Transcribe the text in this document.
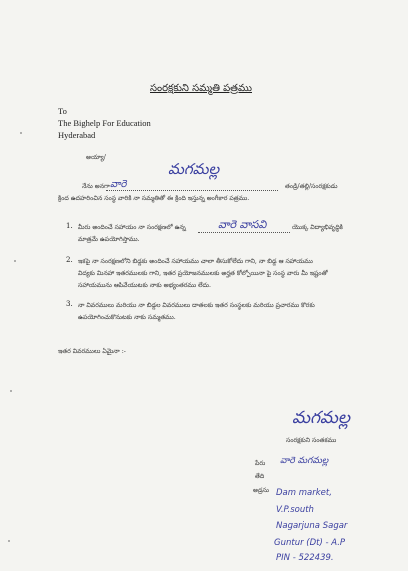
సంరక్షకుని సమ్మతి పత్రము
To
The Bighelp For Education
Hyderabad
అయ్యా/
మగమల్ల
నేను అనగా వారె	తండ్రి/తల్లి/సంరక్షకుడు
క్రింద ఉదహరించిన సంస్థ వారికి నా సమ్మతితో ఈ క్రింది ఇస్తున్న అంగీకార పత్రము.
1. మీరు అందించే సహాయం నా సంరక్షణలో ఉన్న	వారె వాసవి	యొక్క విద్యాభివృద్ధికి
మాత్రమే ఉపయోగిస్తాము.
2. ఇకపై నా సంరక్షణలోని బిడ్డకు అందించే సహాయము చాలా తీసుకోలేదు గాని, నా బిడ్డ ఆ సహాయము
విద్యకు మినహా ఇతరములకు గాని, ఇతర ప్రయోజనములకు అర్హత కోల్పోయినా పై సంస్థ వారు మీ ఇష్టంతో
సహాయమును ఆపివేయుటకు నాకు అభ్యంతరము లేదు.
3. నా వివరములు మరియు నా బిడ్డల వివరములు దాతలకు ఇతర సంస్థలకు మరియు ప్రచారము కొరకు
ఉపయోగించుకొనుటకు నాకు సమ్మతము.
ఇతర వివరములు ఏమైనా :-
మగమల్ల
సంరక్షకుని సంతకము
పేరు వారె మగమల్ల
తేది
అడ్రసు Dam market,
V.P.south
Nagarjuna Sagar
Guntur (Dt) - A.P
PIN - 522439.
